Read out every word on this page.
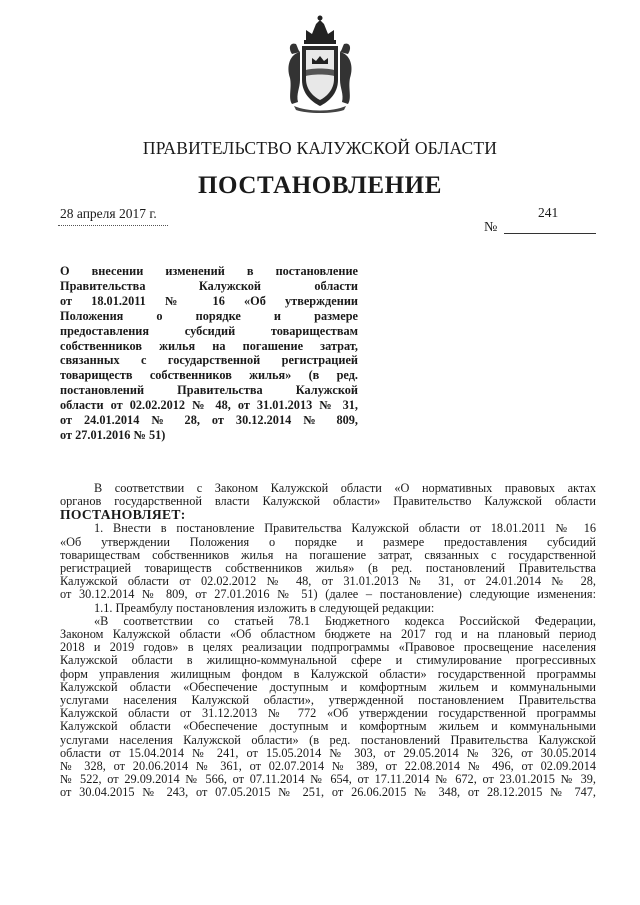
ПРАВИТЕЛЬСТВО КАЛУЖСКОЙ ОБЛАСТИ
ПОСТАНОВЛЕНИЕ
28 апреля 2017 г.	241
№
О внесении изменений в постановление
Правительства Калужской области
от 18.01.2011 № 16 «Об утверждении
Положения о порядке и размере
предоставления субсидий товариществам
собственников жилья на погашение затрат,
связанных с государственной регистрацией
товариществ собственников жилья» (в ред.
постановлений Правительства Калужской
области от 02.02.2012 № 48, от 31.01.2013 № 31,
от 24.01.2014 № 28, от 30.12.2014 № 809,
от 27.01.2016 № 51)
В соответствии с Законом Калужской области «О нормативных правовых актах
органов государственной власти Калужской области» Правительство Калужской области
ПОСТАНОВЛЯЕТ:
1. Внести в постановление Правительства Калужской области от 18.01.2011 № 16
«Об утверждении Положения о порядке и размере предоставления субсидий
товариществам собственников жилья на погашение затрат, связанных с государственной
регистрацией товариществ собственников жилья» (в ред. постановлений Правительства
Калужской области от 02.02.2012 № 48, от 31.01.2013 № 31, от 24.01.2014 № 28,
от 30.12.2014 № 809, от 27.01.2016 № 51) (далее – постановление) следующие изменения:
1.1. Преамбулу постановления изложить в следующей редакции:
«В соответствии со статьей 78.1 Бюджетного кодекса Российской Федерации,
Законом Калужской области «Об областном бюджете на 2017 год и на плановый период
2018 и 2019 годов» в целях реализации подпрограммы «Правовое просвещение населения
Калужской области в жилищно-коммунальной сфере и стимулирование прогрессивных
форм управления жилищным фондом в Калужской области» государственной программы
Калужской области «Обеспечение доступным и комфортным жильем и коммунальными
услугами населения Калужской области», утвержденной постановлением Правительства
Калужской области от 31.12.2013 № 772 «Об утверждении государственной программы
Калужской области «Обеспечение доступным и комфортным жильем и коммунальными
услугами населения Калужской области» (в ред. постановлений Правительства Калужской
области от 15.04.2014 № 241, от 15.05.2014 № 303, от 29.05.2014 № 326, от 30.05.2014
№ 328, от 20.06.2014 № 361, от 02.07.2014 № 389, от 22.08.2014 № 496, от 02.09.2014
№ 522, от 29.09.2014 № 566, от 07.11.2014 № 654, от 17.11.2014 № 672, от 23.01.2015 № 39,
от 30.04.2015 № 243, от 07.05.2015 № 251, от 26.06.2015 № 348, от 28.12.2015 № 747,
